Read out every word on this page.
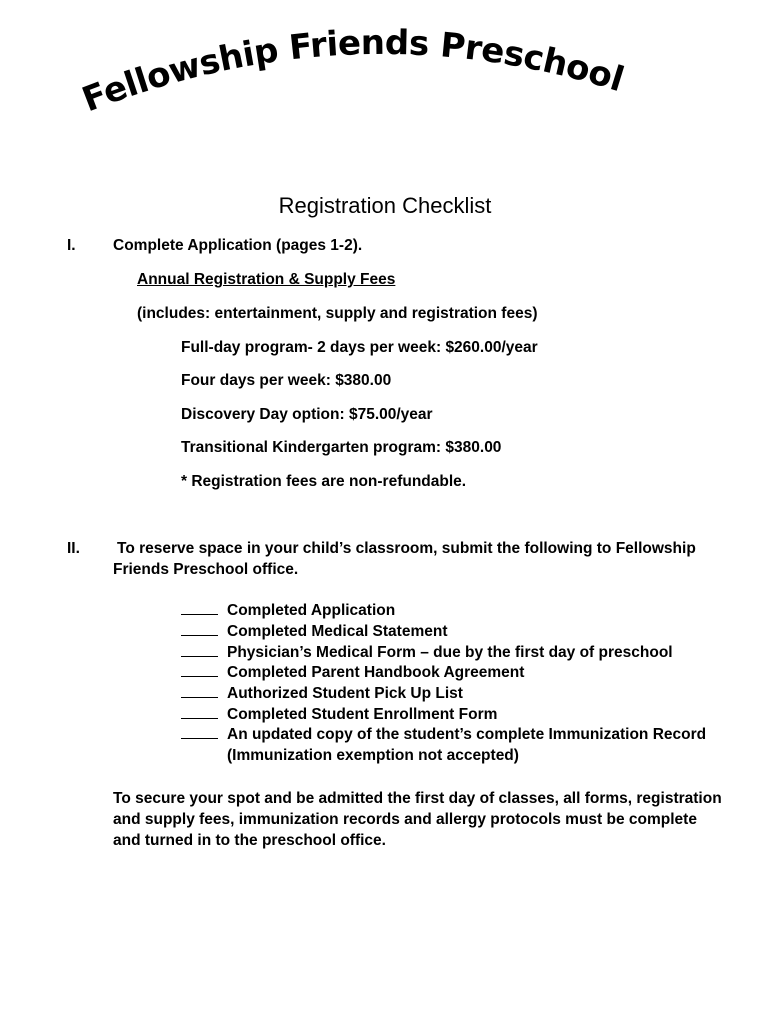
Fellowship Friends Preschool
Registration Checklist
I. Complete Application (pages 1-2).
Annual Registration & Supply Fees
(includes: entertainment, supply and registration fees)
Full-day program- 2 days per week: $260.00/year
Four days per week: $380.00
Discovery Day option: $75.00/year
Transitional Kindergarten program: $380.00
* Registration fees are non-refundable.
II. To reserve space in your child’s classroom, submit the following to Fellowship
Friends Preschool office.
Completed Application
Completed Medical Statement
Physician’s Medical Form – due by the first day of preschool
Completed Parent Handbook Agreement
Authorized Student Pick Up List
Completed Student Enrollment Form
An updated copy of the student’s complete Immunization Record
(Immunization exemption not accepted)
To secure your spot and be admitted the first day of classes, all forms, registration and supply fees, immunization records and allergy protocols must be complete and turned in to the preschool office.
